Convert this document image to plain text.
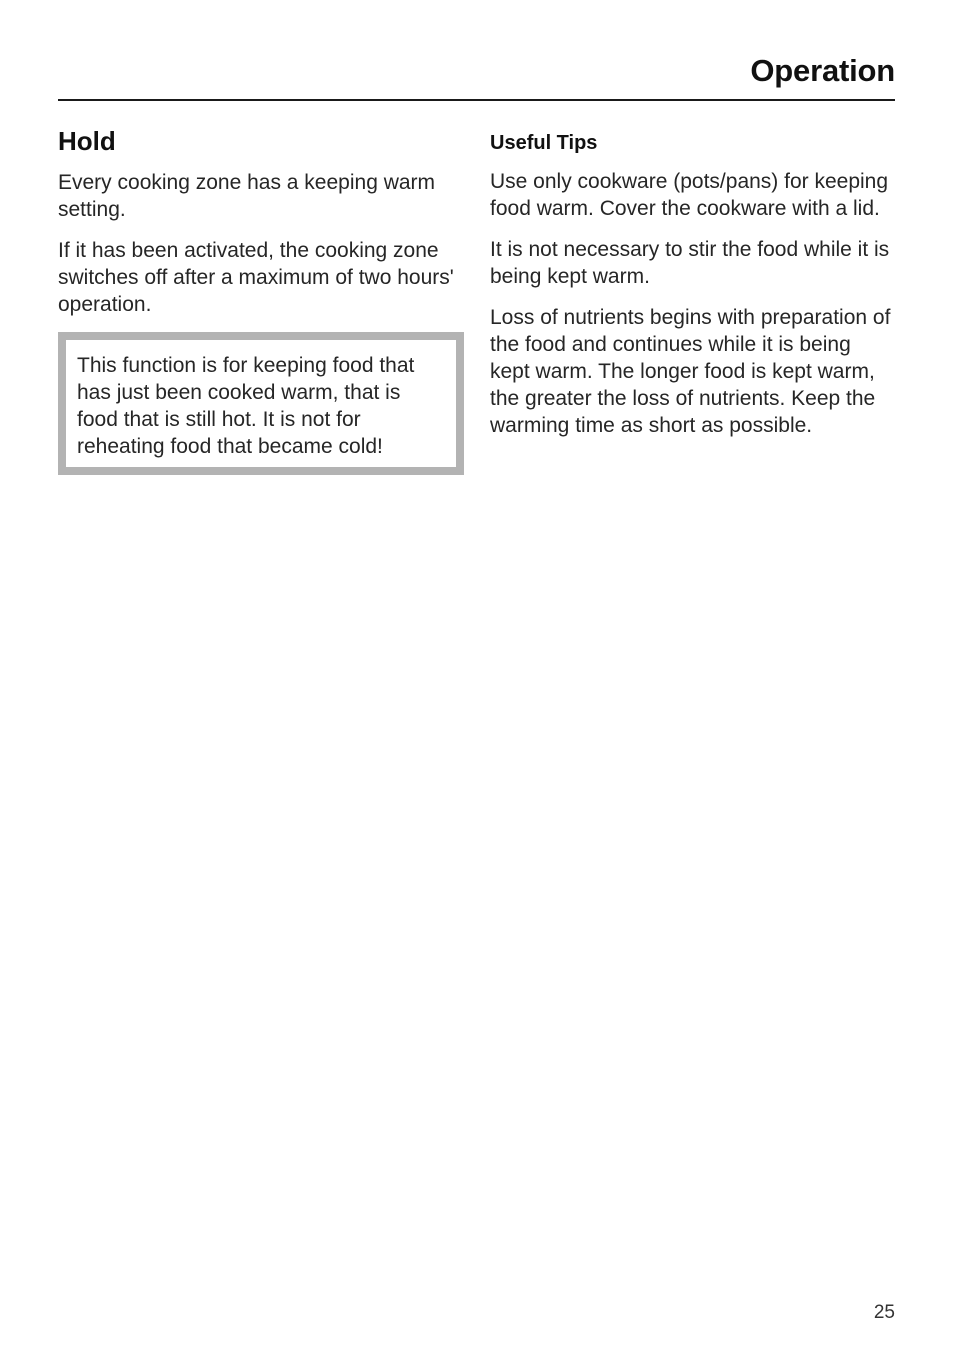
Operation
Hold

Every cooking zone has a keeping warm setting.

If it has been activated, the cooking zone switches off after a maximum of two hours' operation.

This function is for keeping food that has just been cooked warm, that is food that is still hot. It is not for reheating food that became cold!

Useful Tips

Use only cookware (pots/pans) for keeping food warm. Cover the cookware with a lid.

It is not necessary to stir the food while it is being kept warm.

Loss of nutrients begins with preparation of the food and continues while it is being kept warm. The longer food is kept warm, the greater the loss of nutrients. Keep the warming time as short as possible.

25
